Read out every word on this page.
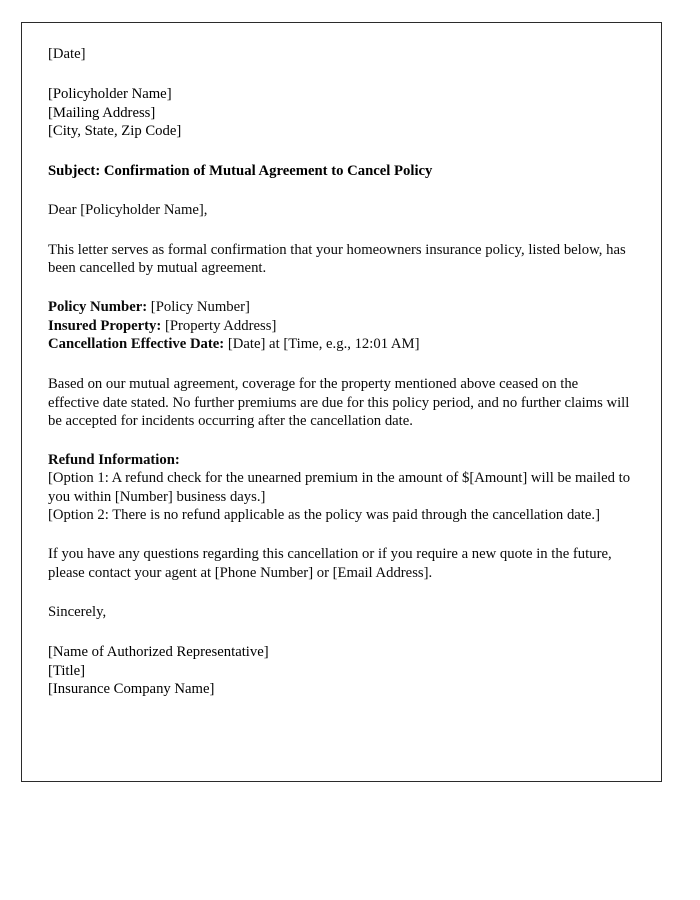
[Date]
[Policyholder Name]
[Mailing Address]
[City, State, Zip Code]
Subject: Confirmation of Mutual Agreement to Cancel Policy
Dear [Policyholder Name],
This letter serves as formal confirmation that your homeowners insurance policy, listed below, has been cancelled by mutual agreement.
Policy Number: [Policy Number]
Insured Property: [Property Address]
Cancellation Effective Date: [Date] at [Time, e.g., 12:01 AM]
Based on our mutual agreement, coverage for the property mentioned above ceased on the effective date stated. No further premiums are due for this policy period, and no further claims will be accepted for incidents occurring after the cancellation date.
Refund Information:
[Option 1: A refund check for the unearned premium in the amount of $[Amount] will be mailed to you within [Number] business days.]
[Option 2: There is no refund applicable as the policy was paid through the cancellation date.]
If you have any questions regarding this cancellation or if you require a new quote in the future, please contact your agent at [Phone Number] or [Email Address].
Sincerely,
[Name of Authorized Representative]
[Title]
[Insurance Company Name]
